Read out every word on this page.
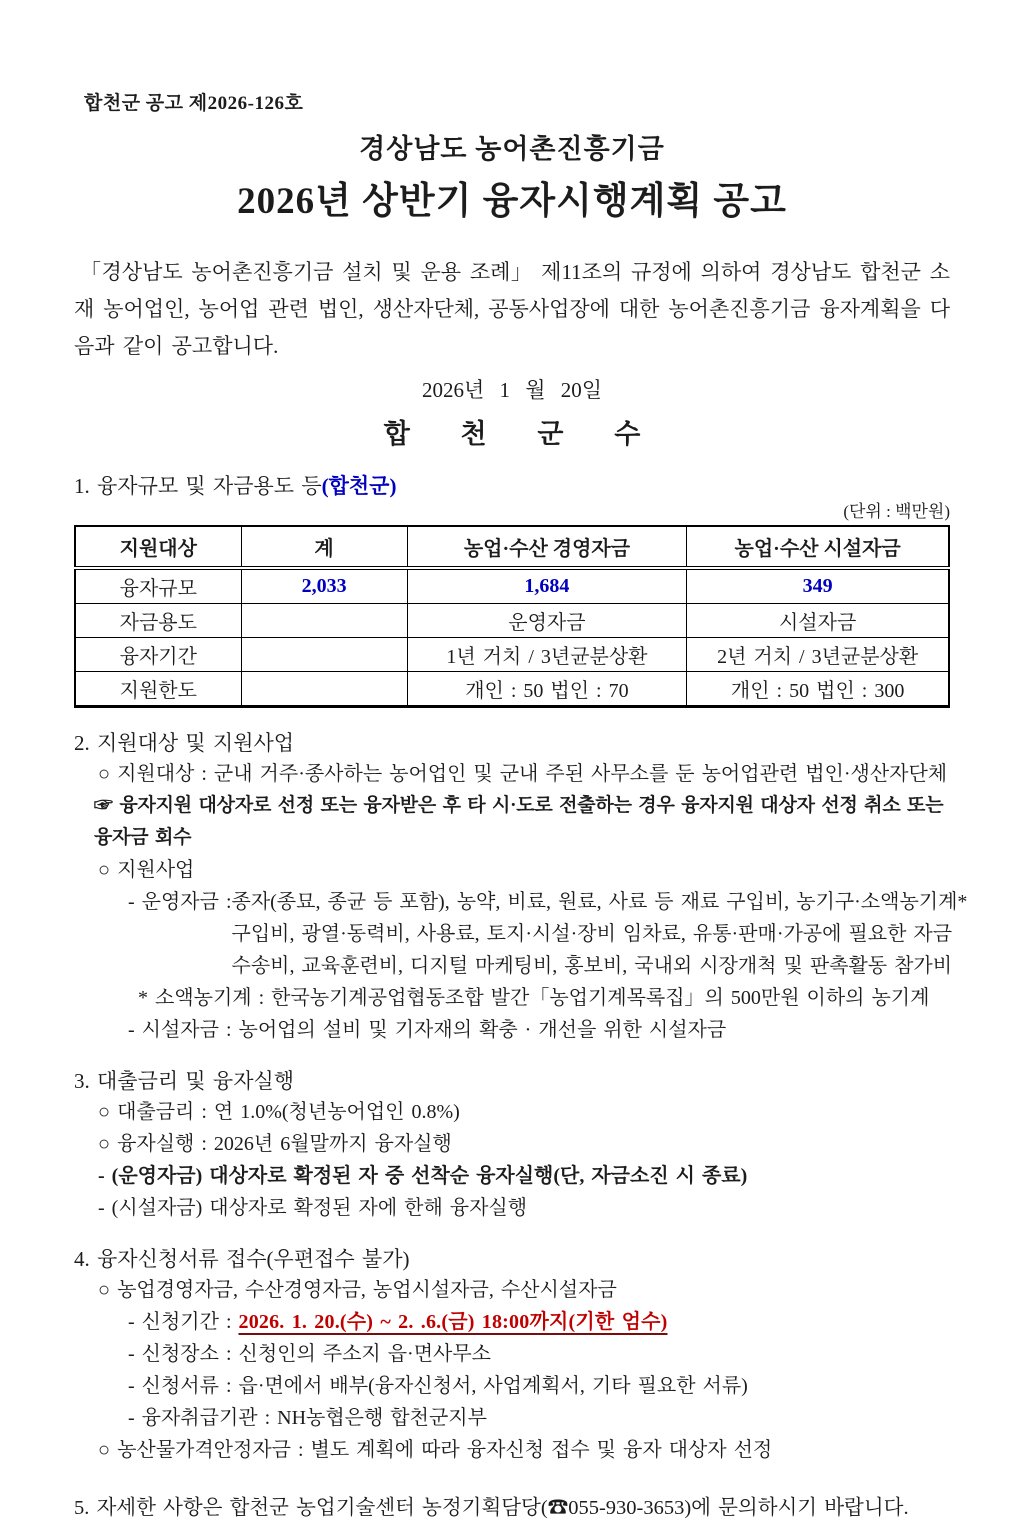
합천군 공고 제2026-126호
경상남도 농어촌진흥기금
2026년 상반기 융자시행계획 공고
「경상남도 농어촌진흥기금 설치 및 운용 조례」 제11조의 규정에 의하여 경상남도 합천군 소재 농어업인, 농어업 관련 법인, 생산자단체, 공동사업장에 대한 농어촌진흥기금 융자계획을 다음과 같이 공고합니다.
2026년 1 월 20일
합 천 군 수
1. 융자규모 및 자금용도 등(합천군)
(단위 : 백만원)
지원대상	계	농업·수산 경영자금	농업·수산 시설자금
융자규모	2,033	1,684	349
자금용도		운영자금	시설자금
융자기간		1년 거치 / 3년균분상환	2년 거치 / 3년균분상환
지원한도		개인 : 50 법인 : 70	개인 : 50 법인 : 300
2. 지원대상 및 지원사업
○ 지원대상 : 군내 거주·종사하는 농어업인 및 군내 주된 사무소를 둔 농어업관련 법인·생산자단체
☞ 융자지원 대상자로 선정 또는 융자받은 후 타 시·도로 전출하는 경우 융자지원 대상자 선정 취소 또는 융자금 회수
○ 지원사업
- 운영자금 : 종자(종묘, 종균 등 포함), 농약, 비료, 원료, 사료 등 재료 구입비, 농기구·소액농기계*
구입비, 광열·동력비, 사용료, 토지·시설·장비 임차료, 유통·판매·가공에 필요한 자금
수송비, 교육훈련비, 디지털 마케팅비, 홍보비, 국내외 시장개척 및 판촉활동 참가비
* 소액농기계 : 한국농기계공업협동조합 발간「농업기계목록집」의 500만원 이하의 농기계
- 시설자금 : 농어업의 설비 및 기자재의 확충 · 개선을 위한 시설자금
3. 대출금리 및 융자실행
○ 대출금리 : 연 1.0%(청년농어업인 0.8%)
○ 융자실행 : 2026년 6월말까지 융자실행
- (운영자금) 대상자로 확정된 자 중 선착순 융자실행(단, 자금소진 시 종료)
- (시설자금) 대상자로 확정된 자에 한해 융자실행
4. 융자신청서류 접수(우편접수 불가)
○ 농업경영자금, 수산경영자금, 농업시설자금, 수산시설자금
- 신청기간 : 2026. 1. 20.(수) ~ 2. .6.(금) 18:00까지(기한 엄수)
- 신청장소 : 신청인의 주소지 읍·면사무소
- 신청서류 : 읍·면에서 배부(융자신청서, 사업계획서, 기타 필요한 서류)
- 융자취급기관 : NH농협은행 합천군지부
○ 농산물가격안정자금 : 별도 계획에 따라 융자신청 접수 및 융자 대상자 선정
5. 자세한 사항은 합천군 농업기술센터 농정기획담당(☎055-930-3653)에 문의하시기 바랍니다.
